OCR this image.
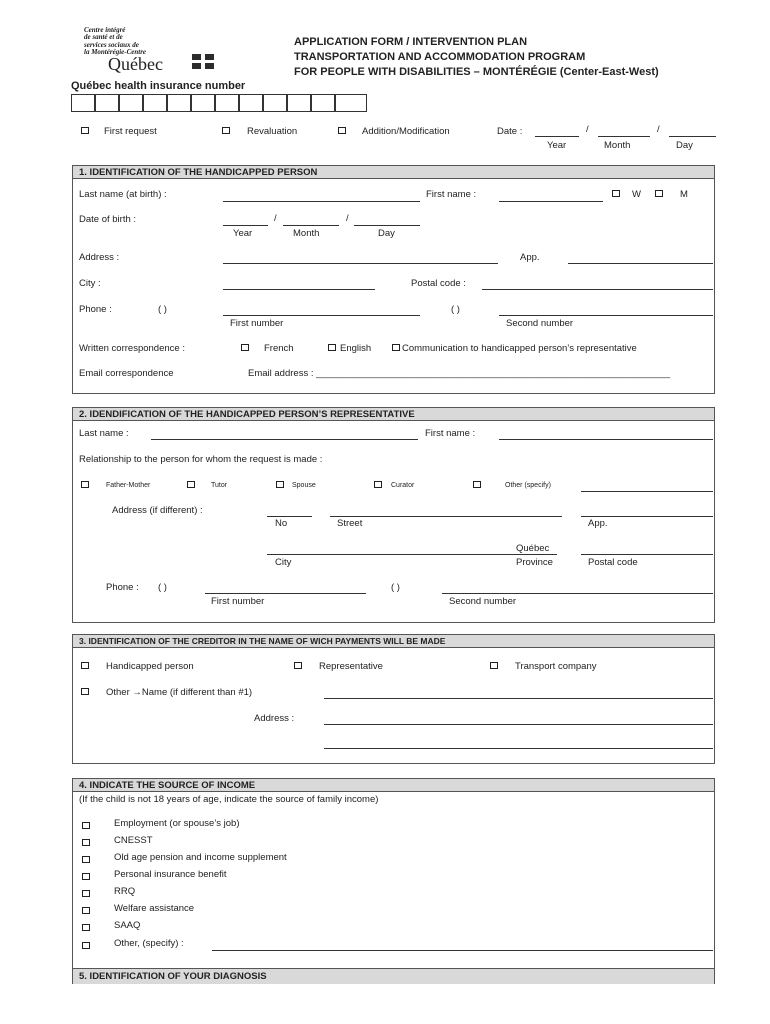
Centre intégré
de santé et de
services sociaux de
la Montérégie-Centre
Québec
APPLICATION FORM / INTERVENTION PLAN
TRANSPORTATION AND ACCOMMODATION PROGRAM
FOR PEOPLE WITH DISABILITIES – MONTÉRÉGIE (Center-East-West)
Québec health insurance number
First request	Revaluation	Addition/Modification	Date :	/	/
Year	Month	Day
1. IDENTIFICATION OF THE HANDICAPPED PERSON
Last name (at birth) :	First name :	W	M
Date of birth :	/	/
Year	Month	Day
Address :	App.
City :	Postal code :
Phone :	( )	( )
First number	Second number
Written correspondence :	French	English	Communication to handicapped person’s representative
Email correspondence	Email address : ___________________________________________________________________
2. IDENDIFICATION OF THE HANDICAPPED PERSON’S REPRESENTATIVE
Last name :	First name :
Relationship to the person for whom the request is made :
Father-Mother	Tutor	Spouse	Curator	Other (specify)
Address (if different) :
No	Street	App.
Québec
City	Province	Postal code
Phone : ( )	( )
First number	Second number
3. IDENTIFICATION OF THE CREDITOR IN THE NAME OF WICH PAYMENTS WILL BE MADE
Handicapped person	Representative	Transport company
Other →Name (if different than #1)
Address :
4. INDICATE THE SOURCE OF INCOME
(If the child is not 18 years of age, indicate the source of family income)
Employment (or spouse’s job)
CNESST
Old age pension and income supplement
Personal insurance benefit
RRQ
Welfare assistance
SAAQ
Other, (specify) :
5. IDENTIFICATION OF YOUR DIAGNOSIS
